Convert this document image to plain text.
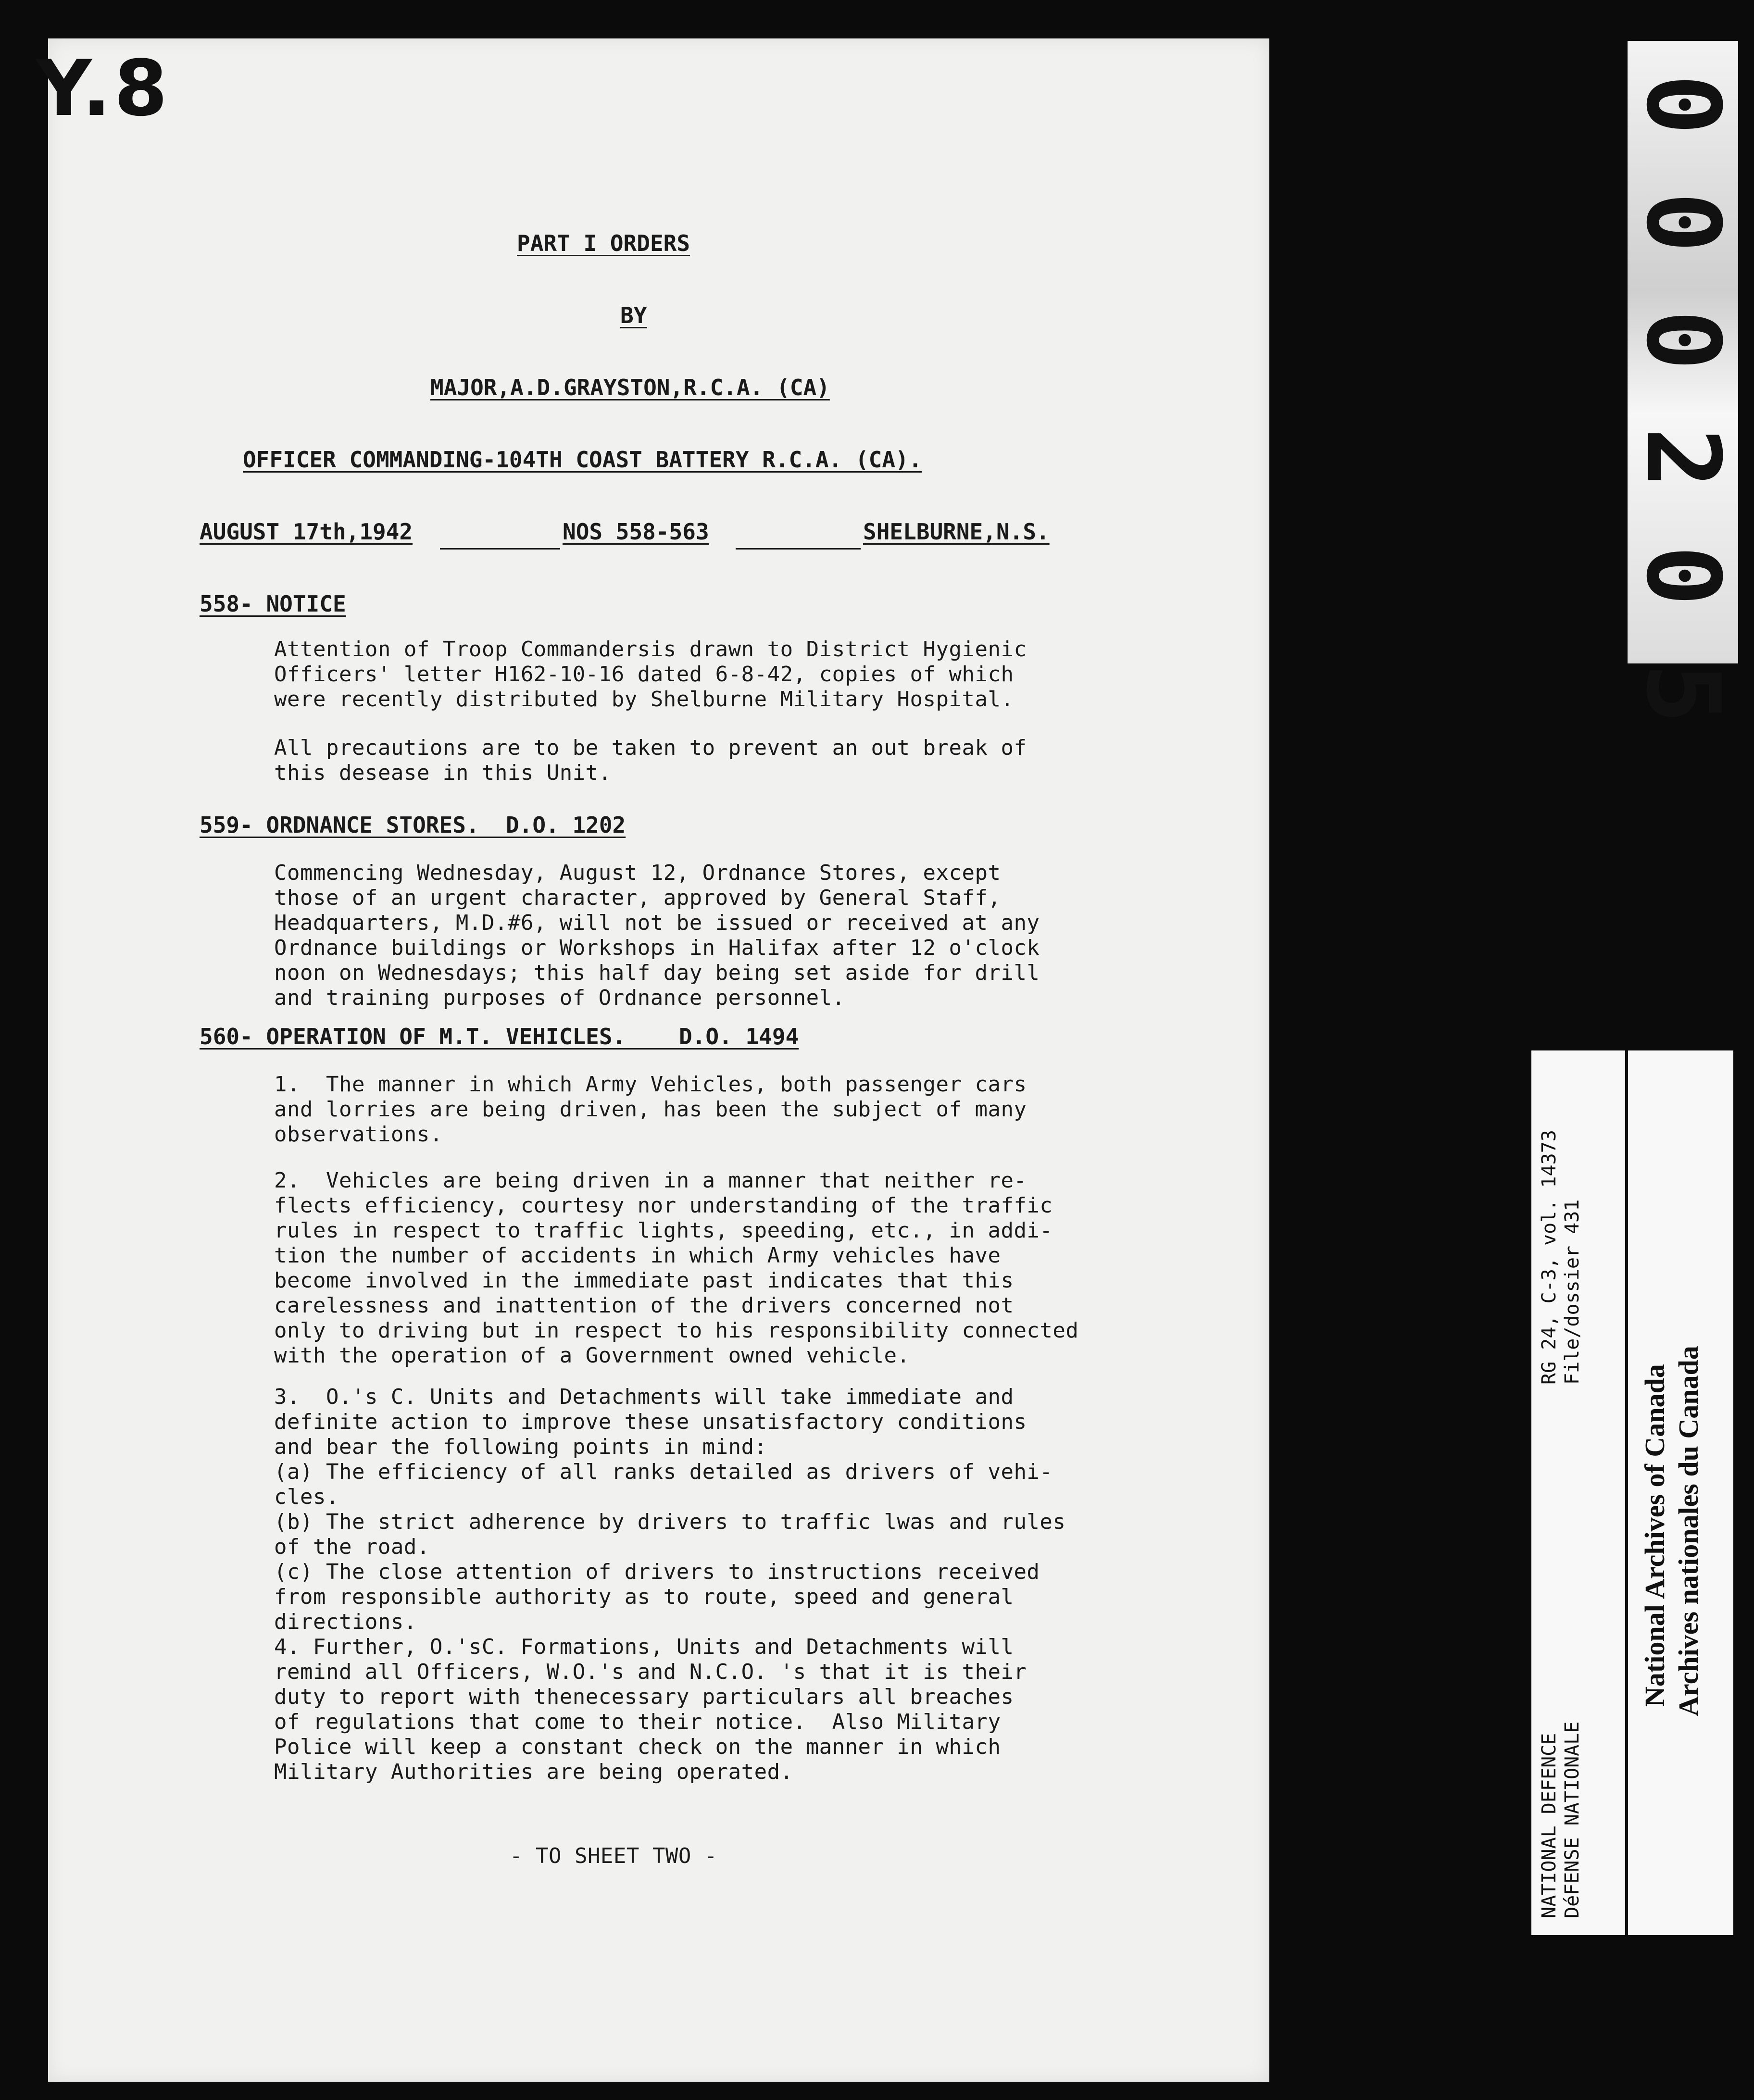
Y.8
PART I ORDERS
BY
MAJOR,A.D.GRAYSTON,R.C.A. (CA)
OFFICER COMMANDING-104TH COAST BATTERY R.C.A. (CA).
AUGUST 17th,1942	NOS 558-563	SHELBURNE,N.S.
558- NOTICE
Attention of Troop Commandersis drawn to District Hygienic
Officers' letter H162-10-16 dated 6-8-42, copies of which
were recently distributed by Shelburne Military Hospital.
All precautions are to be taken to prevent an out break of
this desease in this Unit.
559- ORDNANCE STORES.  D.O. 1202
Commencing Wednesday, August 12, Ordnance Stores, except
those of an urgent character, approved by General Staff,
Headquarters, M.D.#6, will not be issued or received at any
Ordnance buildings or Workshops in Halifax after 12 o'clock
noon on Wednesdays; this half day being set aside for drill
and training purposes of Ordnance personnel.
560- OPERATION OF M.T. VEHICLES.    D.O. 1494
1.  The manner in which Army Vehicles, both passenger cars
and lorries are being driven, has been the subject of many
observations.
2.  Vehicles are being driven in a manner that neither re-
flects efficiency, courtesy nor understanding of the traffic
rules in respect to traffic lights, speeding, etc., in addi-
tion the number of accidents in which Army vehicles have
become involved in the immediate past indicates that this
carelessness and inattention of the drivers concerned not
only to driving but in respect to his responsibility connected
with the operation of a Government owned vehicle.
3.  O.'s C. Units and Detachments will take immediate and
definite action to improve these unsatisfactory conditions
and bear the following points in mind:
(a) The efficiency of all ranks detailed as drivers of vehi-
cles.
(b) The strict adherence by drivers to traffic lwas and rules
of the road.
(c) The close attention of drivers to instructions received
from responsible authority as to route, speed and general
directions.
4. Further, O.'sC. Formations, Units and Detachments will
remind all Officers, W.O.'s and N.C.O. 's that it is their
duty to report with thenecessary particulars all breaches
of regulations that come to their notice.  Also Military
Police will keep a constant check on the manner in which
Military Authorities are being operated.
- TO SHEET TWO -
0
0
0
2
0
5
RG 24, C-3, vol. 14373 File/dossier 431
NATIONAL DEFENCE DéFENSE NATIONALE
National Archives of Canada Archives nationales du Canada
